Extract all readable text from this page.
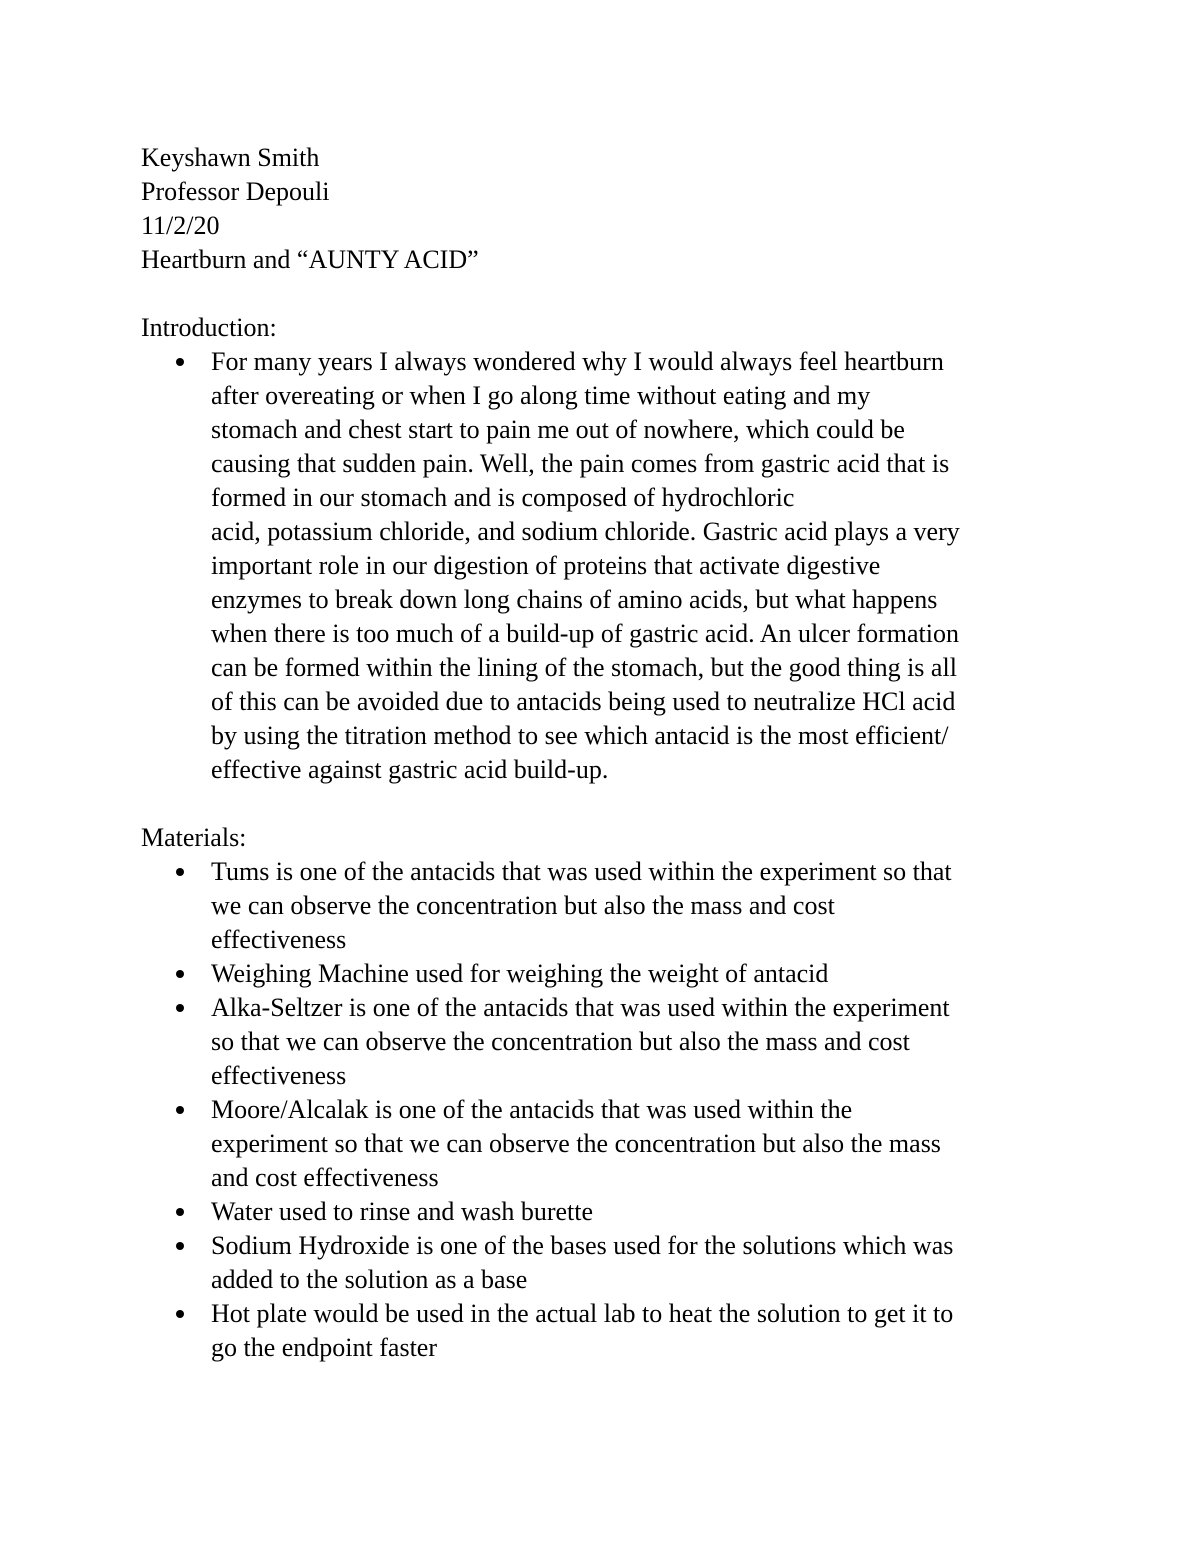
Keyshawn Smith
Professor Depouli
11/2/20
Heartburn and “AUNTY ACID”
Introduction:
For many years I always wondered why I would always feel heartburn
after overeating or when I go along time without eating and my
stomach and chest start to pain me out of nowhere, which could be
causing that sudden pain. Well, the pain comes from gastric acid that is
formed in our stomach and is composed of hydrochloric
acid, potassium chloride, and sodium chloride. Gastric acid plays a very
important role in our digestion of proteins that activate digestive
enzymes to break down long chains of amino acids, but what happens
when there is too much of a build-up of gastric acid. An ulcer formation
can be formed within the lining of the stomach, but the good thing is all
of this can be avoided due to antacids being used to neutralize HCl acid
by using the titration method to see which antacid is the most efficient/
effective against gastric acid build-up.
Materials:
Tums is one of the antacids that was used within the experiment so that
we can observe the concentration but also the mass and cost
effectiveness
Weighing Machine used for weighing the weight of antacid
Alka-Seltzer is one of the antacids that was used within the experiment
so that we can observe the concentration but also the mass and cost
effectiveness
Moore/Alcalak is one of the antacids that was used within the
experiment so that we can observe the concentration but also the mass
and cost effectiveness
Water used to rinse and wash burette
Sodium Hydroxide is one of the bases used for the solutions which was
added to the solution as a base
Hot plate would be used in the actual lab to heat the solution to get it to
go the endpoint faster
